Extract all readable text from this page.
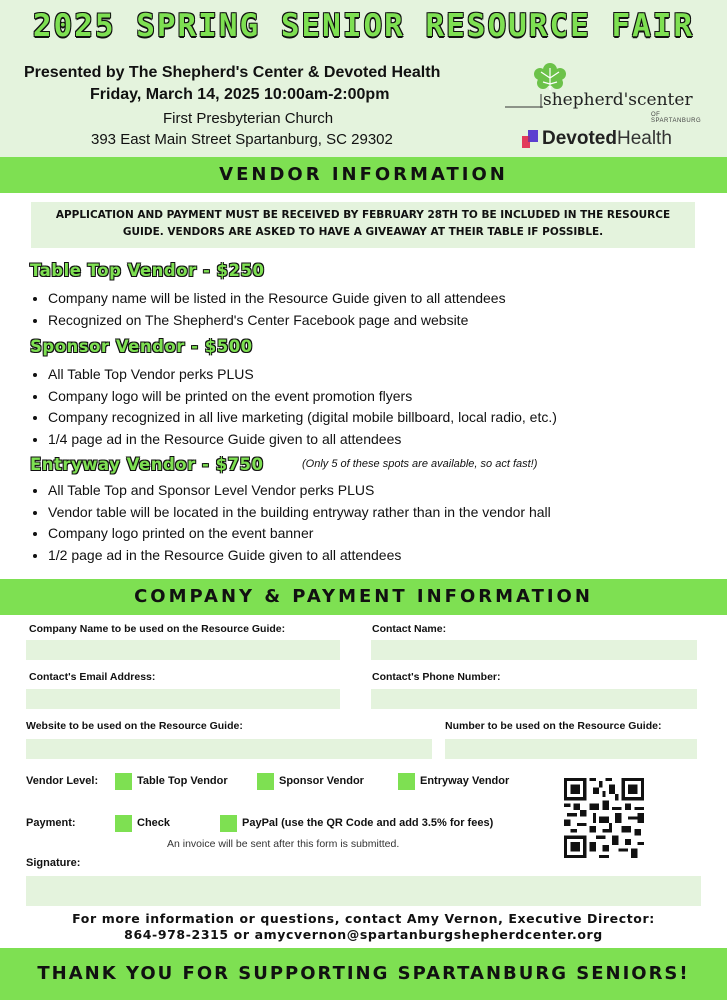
2025 SPRING SENIOR RESOURCE FAIR
Presented by The Shepherd's Center & Devoted Health
Friday, March 14, 2025 10:00am-2:00pm
First Presbyterian Church
393 East Main Street Spartanburg, SC 29302
shepherd'scenter
OF SPARTANBURG
Devoted Health
VENDOR INFORMATION
APPLICATION AND PAYMENT MUST BE RECEIVED BY FEBRUARY 28TH TO BE INCLUDED IN THE RESOURCE GUIDE. VENDORS ARE ASKED TO HAVE A GIVEAWAY AT THEIR TABLE IF POSSIBLE.
Table Top Vendor - $250
• Company name will be listed in the Resource Guide given to all attendees
• Recognized on The Shepherd's Center Facebook page and website
Sponsor Vendor - $500
• All Table Top Vendor perks PLUS
• Company logo will be printed on the event promotion flyers
• Company recognized in all live marketing (digital mobile billboard, local radio, etc.)
• 1/4 page ad in the Resource Guide given to all attendees
Entryway Vendor - $750	(Only 5 of these spots are available, so act fast!)
• All Table Top and Sponsor Level Vendor perks PLUS
• Vendor table will be located in the building entryway rather than in the vendor hall
• Company logo printed on the event banner
• 1/2 page ad in the Resource Guide given to all attendees
COMPANY & PAYMENT INFORMATION
Company Name to be used on the Resource Guide:	Contact Name:
Contact's Email Address:	Contact's Phone Number:
Website to be used on the Resource Guide:	Number to be used on the Resource Guide:
Vendor Level:	Table Top Vendor	Sponsor Vendor	Entryway Vendor
Payment:	Check	PayPal (use the QR Code and add 3.5% for fees)
An invoice will be sent after this form is submitted.
Signature:
For more information or questions, contact Amy Vernon, Executive Director:
864-978-2315 or amycvernon@spartanburgshepherdcenter.org
THANK YOU FOR SUPPORTING SPARTANBURG SENIORS!
